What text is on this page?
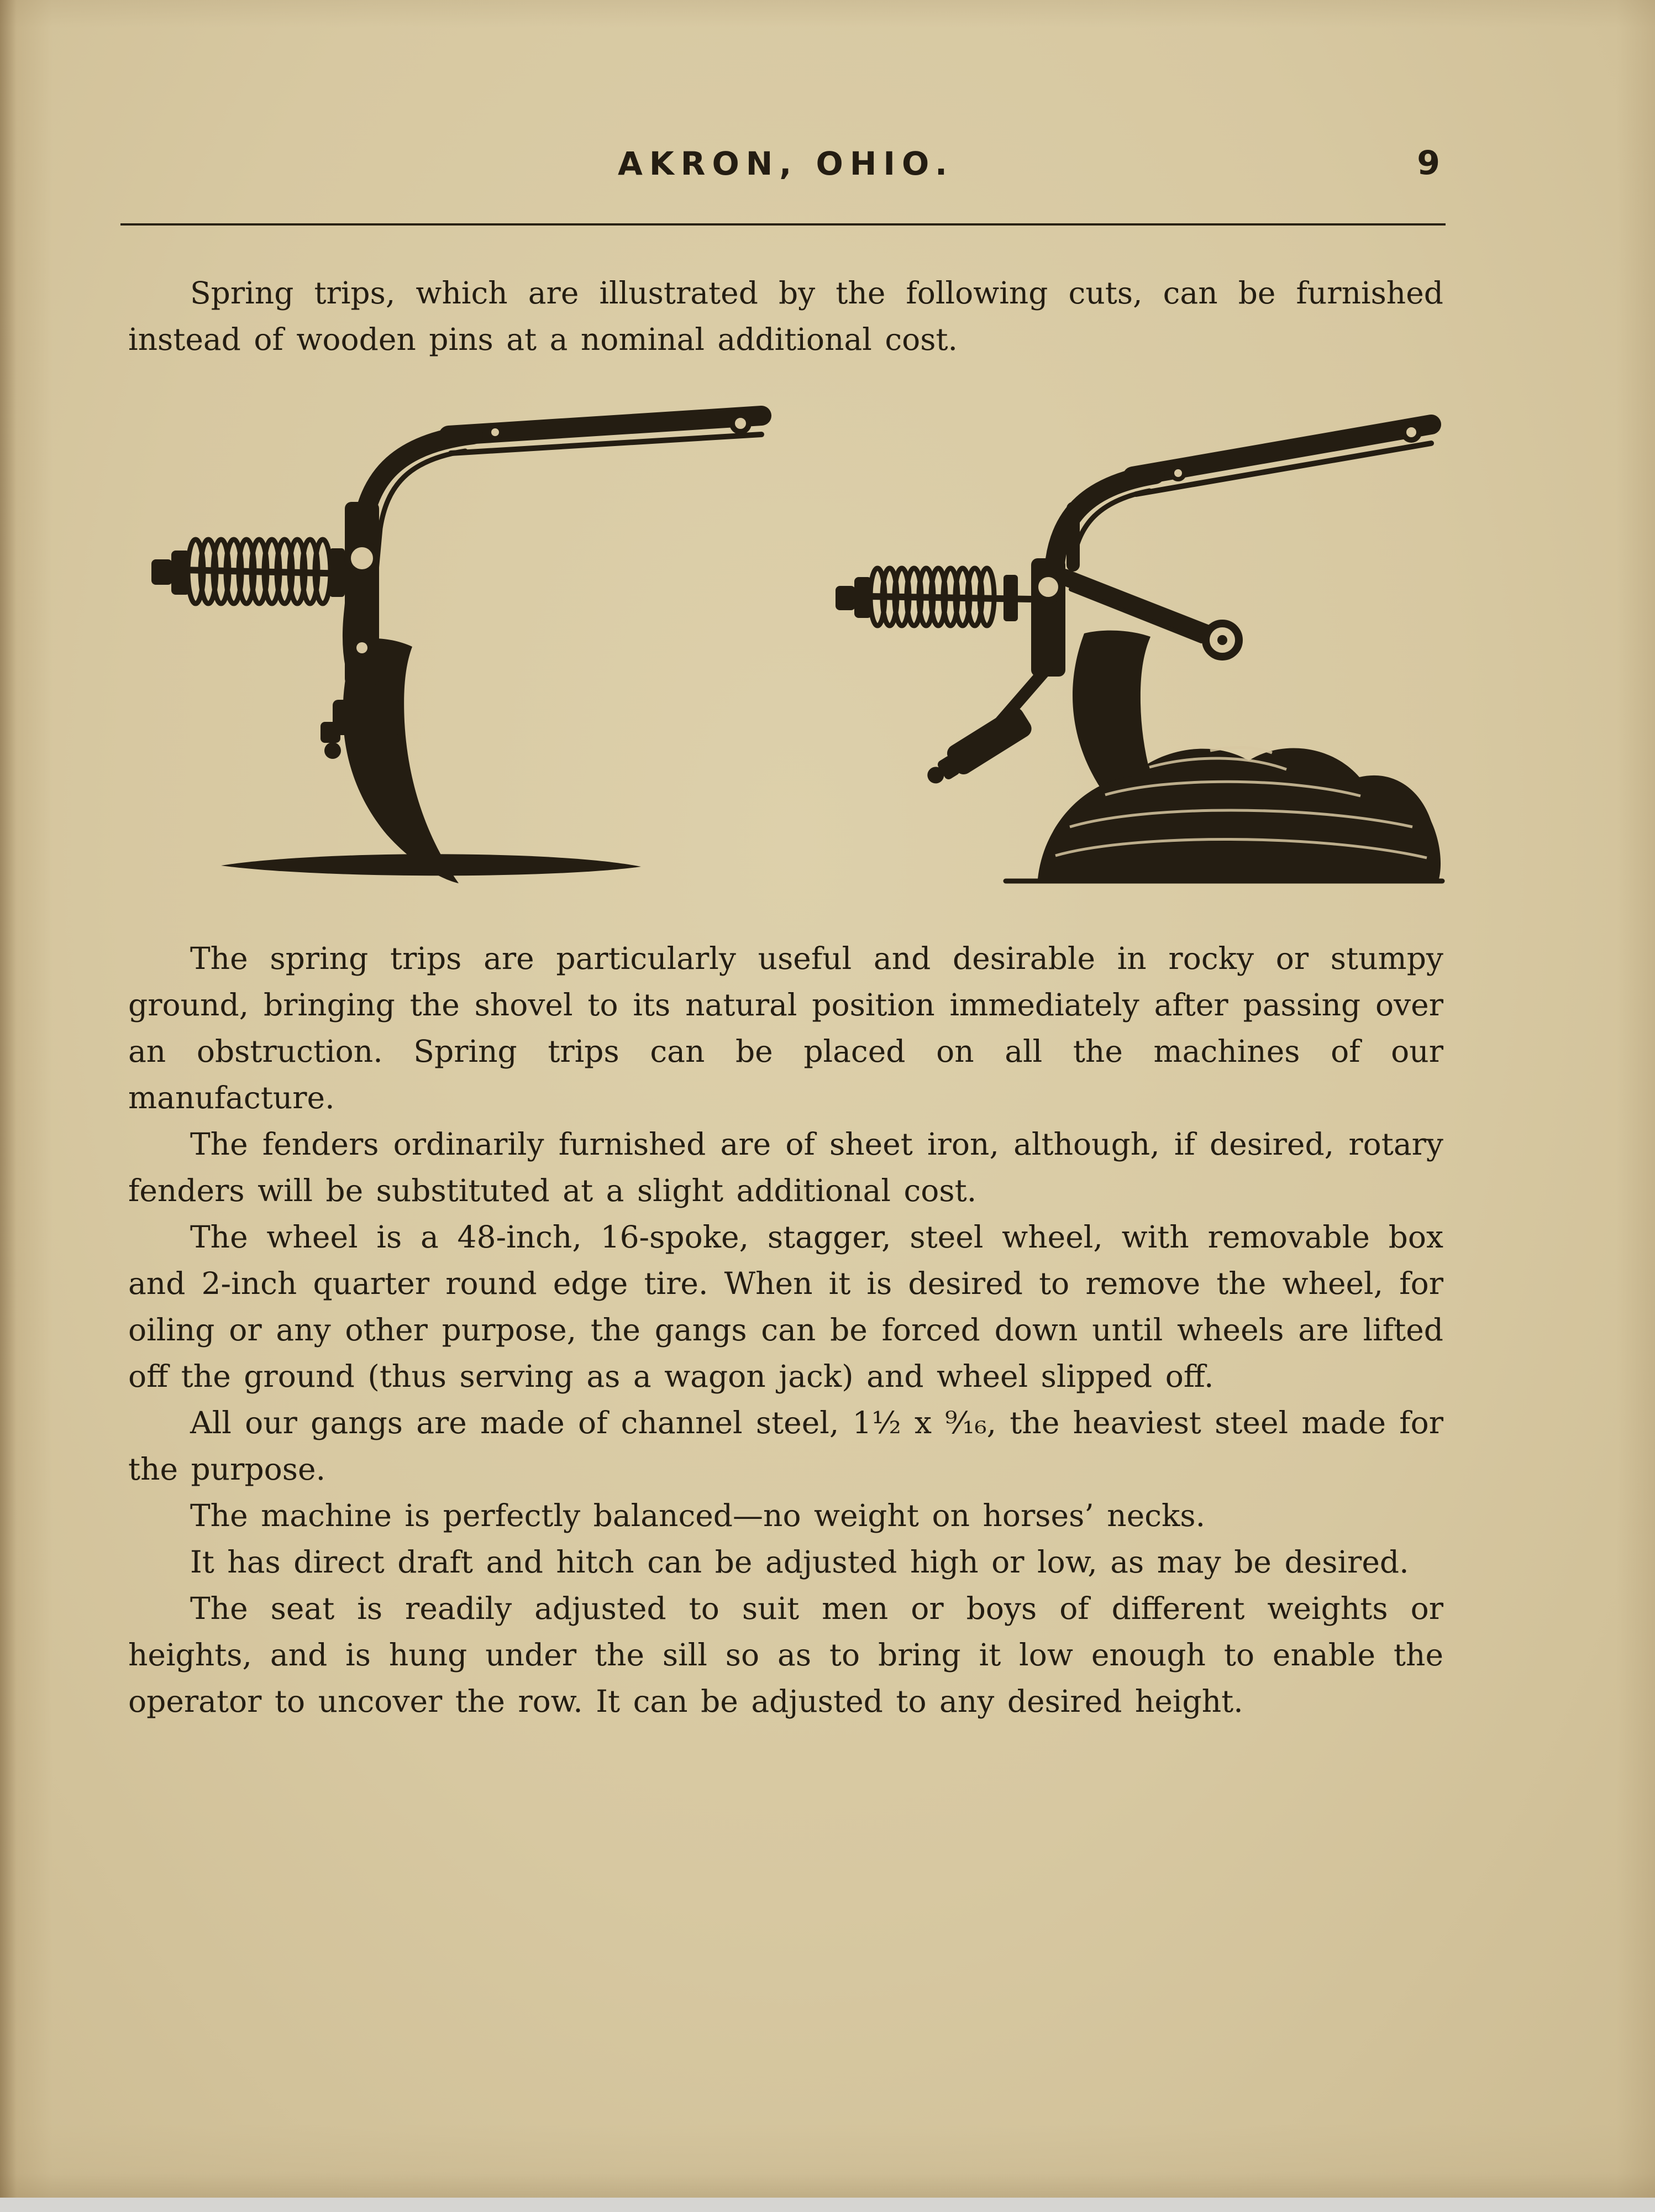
AKRON, OHIO.	9

Spring trips, which are illustrated by the following cuts, can be furnished instead of wooden pins at a nominal additional cost.

The spring trips are particularly useful and desirable in rocky or stumpy ground, bringing the shovel to its natural position immediately after passing over an obstruction. Spring trips can be placed on all the machines of our manufacture.

The fenders ordinarily furnished are of sheet iron, although, if desired, rotary fenders will be substituted at a slight additional cost.

The wheel is a 48-inch, 16-spoke, stagger, steel wheel, with removable box and 2-inch quarter round edge tire. When it is desired to remove the wheel, for oiling or any other purpose, the gangs can be forced down until wheels are lifted off the ground (thus serving as a wagon jack) and wheel slipped off.

All our gangs are made of channel steel, 1½ x ⁹⁄₁₆, the heaviest steel made for the purpose.

The machine is perfectly balanced—no weight on horses’ necks.

It has direct draft and hitch can be adjusted high or low, as may be desired.

The seat is readily adjusted to suit men or boys of different weights or heights, and is hung under the sill so as to bring it low enough to enable the operator to uncover the row. It can be adjusted to any desired height.
